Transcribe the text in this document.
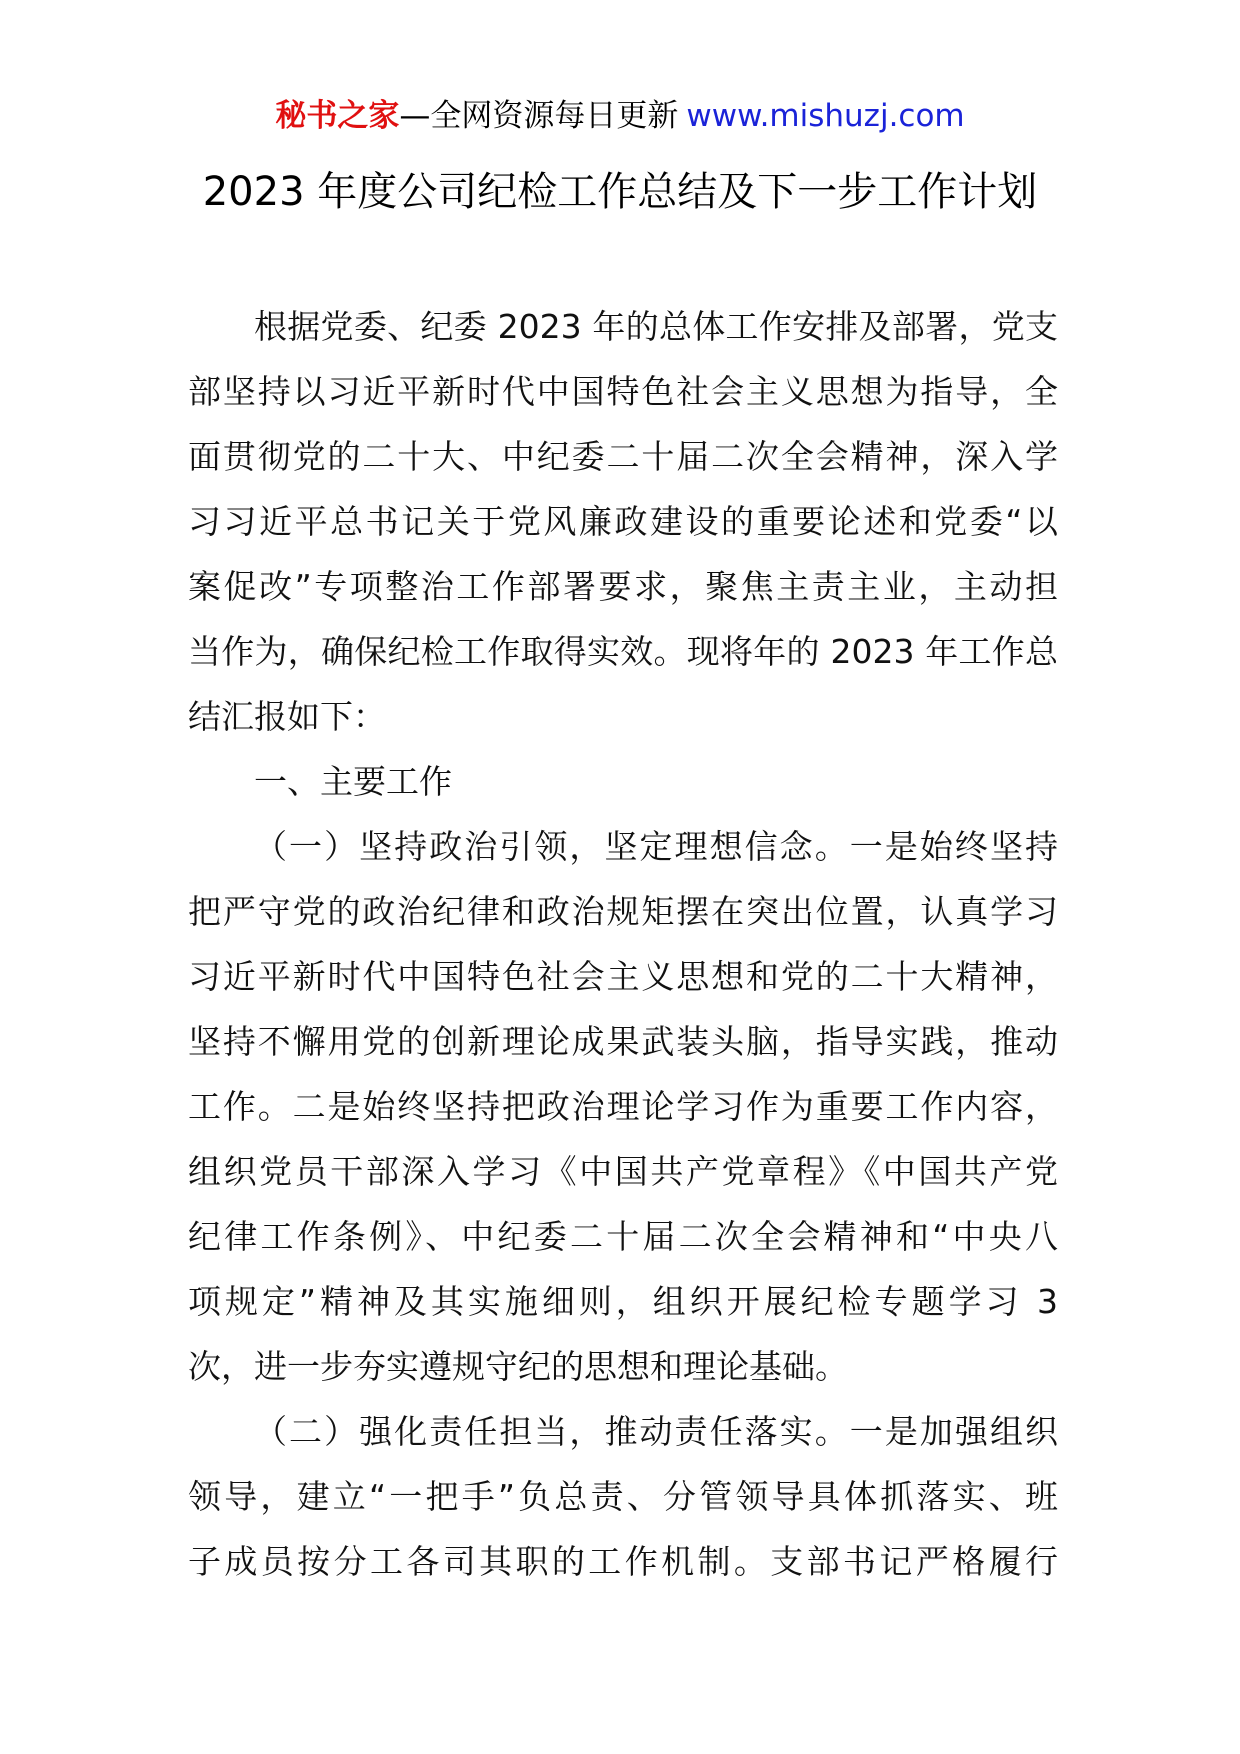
秘书之家—全网资源每日更新 www.mishuzj.com
2023 年度公司纪检工作总结及下一步工作计划
根据党委、纪委 2023 年的总体工作安排及部署，党支
部坚持以习近平新时代中国特色社会主义思想为指导，全
面贯彻党的二十大、中纪委二十届二次全会精神，深入学
习习近平总书记关于党风廉政建设的重要论述和党委“以
案促改”专项整治工作部署要求，聚焦主责主业，主动担
当作为，确保纪检工作取得实效。现将年的 2023 年工作总
结汇报如下：
一、主要工作
（一）坚持政治引领，坚定理想信念。一是始终坚持
把严守党的政治纪律和政治规矩摆在突出位置，认真学习
习近平新时代中国特色社会主义思想和党的二十大精神，
坚持不懈用党的创新理论成果武装头脑，指导实践，推动
工作。二是始终坚持把政治理论学习作为重要工作内容，
组织党员干部深入学习《中国共产党章程》《中国共产党
纪律工作条例》、中纪委二十届二次全会精神和“中央八
项规定”精神及其实施细则，组织开展纪检专题学习 3
次，进一步夯实遵规守纪的思想和理论基础。
（二）强化责任担当，推动责任落实。一是加强组织
领导，建立“一把手”负总责、分管领导具体抓落实、班
子成员按分工各司其职的工作机制。支部书记严格履行
